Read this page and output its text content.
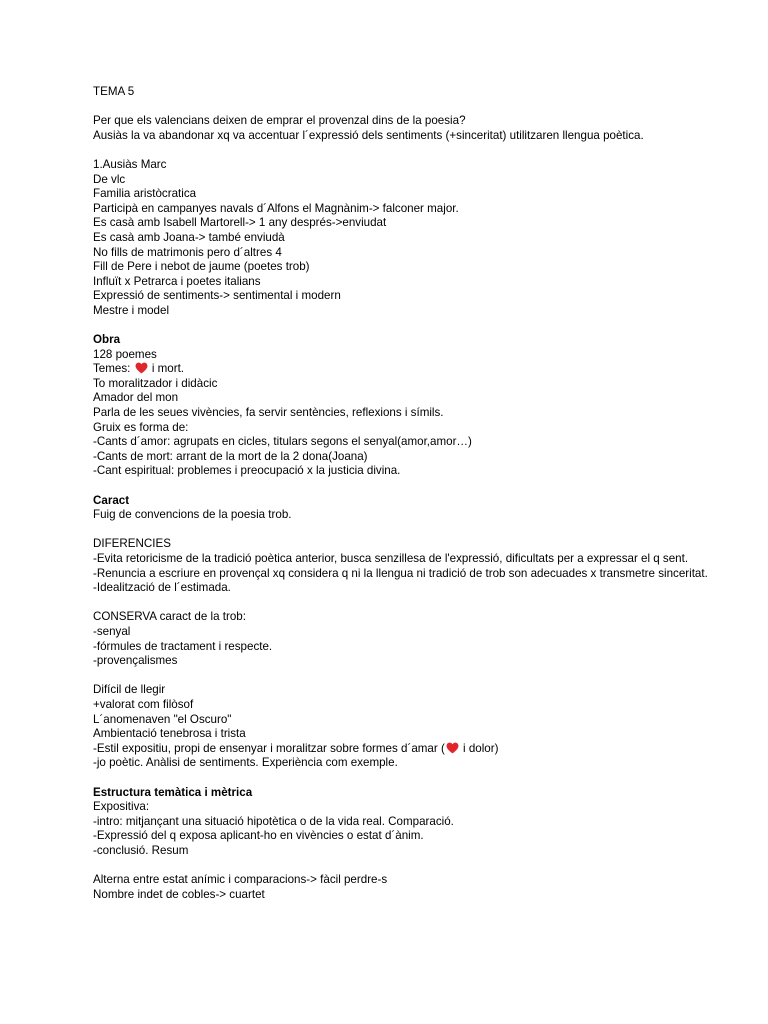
TEMA 5
Per que els valencians deixen de emprar el provenzal dins de la poesia?
Ausiàs la va abandonar xq va accentuar l´expressió dels sentiments (+sinceritat) utilitzaren llengua poètica.
1.Ausiàs Marc
De vlc
Familia aristòcratica
Participà en campanyes navals d´Alfons el Magnànim-> falconer major.
Es casà amb Isabell Martorell-> 1 any després->enviudat
Es casà amb Joana-> també enviudà
No fills de matrimonis pero d´altres 4
Fill de Pere i nebot de jaume (poetes trob)
Influït x Petrarca i poetes italians
Expressió de sentiments-> sentimental i modern
Mestre i model
Obra
128 poemes
Temes:
i mort.
To moralitzador i didàcic
Amador del mon
Parla de les seues vivències, fa servir sentències, reflexions i símils.
Gruix es forma de:
-Cants d´amor: agrupats en cicles, titulars segons el senyal(amor,amor…)
-Cants de mort: arrant de la mort de la 2 dona(Joana)
-Cant espiritual: problemes i preocupació x la justicia divina.
Caract
Fuig de convencions de la poesia trob.
DIFERENCIES
-Evita retoricisme de la tradició poètica anterior, busca senzillesa de l'expressió, dificultats per a expressar el q sent.
-Renuncia a escriure en provençal xq considera q ni la llengua ni tradició de trob son adecuades x transmetre sinceritat.
-Idealització de l´estimada.
CONSERVA caract de la trob:
-senyal
-fórmules de tractament i respecte.
-provençalismes
Difícil de llegir
+valorat com filòsof
L´anomenaven "el Oscuro"
Ambientació tenebrosa i trista
-Estil expositiu, propi de ensenyar i moralitzar sobre formes d´amar (
i dolor)
-jo poètic. Anàlisi de sentiments. Experiència com exemple.
Estructura temàtica i mètrica
Expositiva:
-intro: mitjançant una situació hipotètica o de la vida real. Comparació.
-Expressió del q exposa aplicant-ho en vivències o estat d´ànim.
-conclusió. Resum
Alterna entre estat anímic i comparacions-> fàcil perdre-s
Nombre indet de cobles-> cuartet
